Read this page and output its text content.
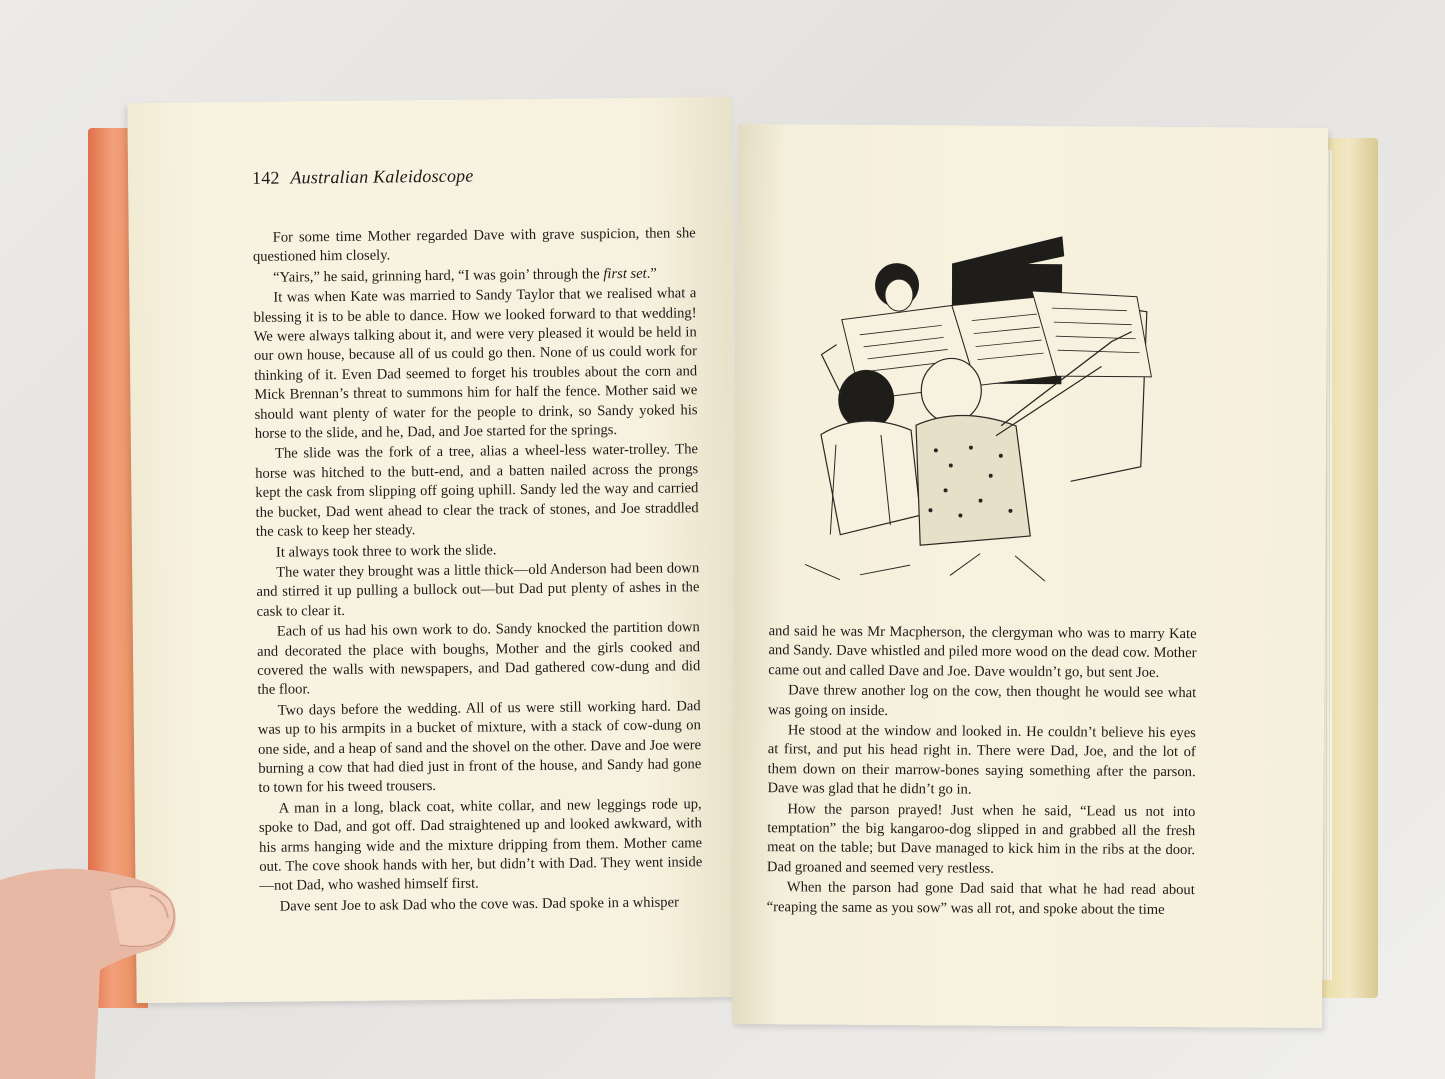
142 Australian Kaleidoscope

For some time Mother regarded Dave with grave suspicion, then she questioned him closely.

“Yairs,” he said, grinning hard, “I was goin’ through the first set.”

It was when Kate was married to Sandy Taylor that we realised what a blessing it is to be able to dance. How we looked forward to that wedding! We were always talking about it, and were very pleased it would be held in our own house, because all of us could go then. None of us could work for thinking of it. Even Dad seemed to forget his troubles about the corn and Mick Brennan’s threat to summons him for half the fence. Mother said we should want plenty of water for the people to drink, so Sandy yoked his horse to the slide, and he, Dad, and Joe started for the springs.

The slide was the fork of a tree, alias a wheel-less water-trolley. The horse was hitched to the butt-end, and a batten nailed across the prongs kept the cask from slipping off going uphill. Sandy led the way and carried the bucket, Dad went ahead to clear the track of stones, and Joe straddled the cask to keep her steady.

It always took three to work the slide.

The water they brought was a little thick—old Anderson had been down and stirred it up pulling a bullock out—but Dad put plenty of ashes in the cask to clear it.

Each of us had his own work to do. Sandy knocked the partition down and decorated the place with boughs, Mother and the girls cooked and covered the walls with newspapers, and Dad gathered cow-dung and did the floor.

Two days before the wedding. All of us were still working hard. Dad was up to his armpits in a bucket of mixture, with a stack of cow-dung on one side, and a heap of sand and the shovel on the other. Dave and Joe were burning a cow that had died just in front of the house, and Sandy had gone to town for his tweed trousers.

A man in a long, black coat, white collar, and new leggings rode up, spoke to Dad, and got off. Dad straightened up and looked awkward, with his arms hanging wide and the mixture dripping from them. Mother came out. The cove shook hands with her, but didn’t with Dad. They went inside—not Dad, who washed himself first.

Dave sent Joe to ask Dad who the cove was. Dad spoke in a whisper

and said he was Mr Macpherson, the clergyman who was to marry Kate and Sandy. Dave whistled and piled more wood on the dead cow. Mother came out and called Dave and Joe. Dave wouldn’t go, but sent Joe.

Dave threw another log on the cow, then thought he would see what was going on inside.

He stood at the window and looked in. He couldn’t believe his eyes at first, and put his head right in. There were Dad, Joe, and the lot of them down on their marrow-bones saying something after the parson. Dave was glad that he didn’t go in.

How the parson prayed! Just when he said, “Lead us not into temptation” the big kangaroo-dog slipped in and grabbed all the fresh meat on the table; but Dave managed to kick him in the ribs at the door. Dad groaned and seemed very restless.

When the parson had gone Dad said that what he had read about “reaping the same as you sow” was all rot, and spoke about the time
